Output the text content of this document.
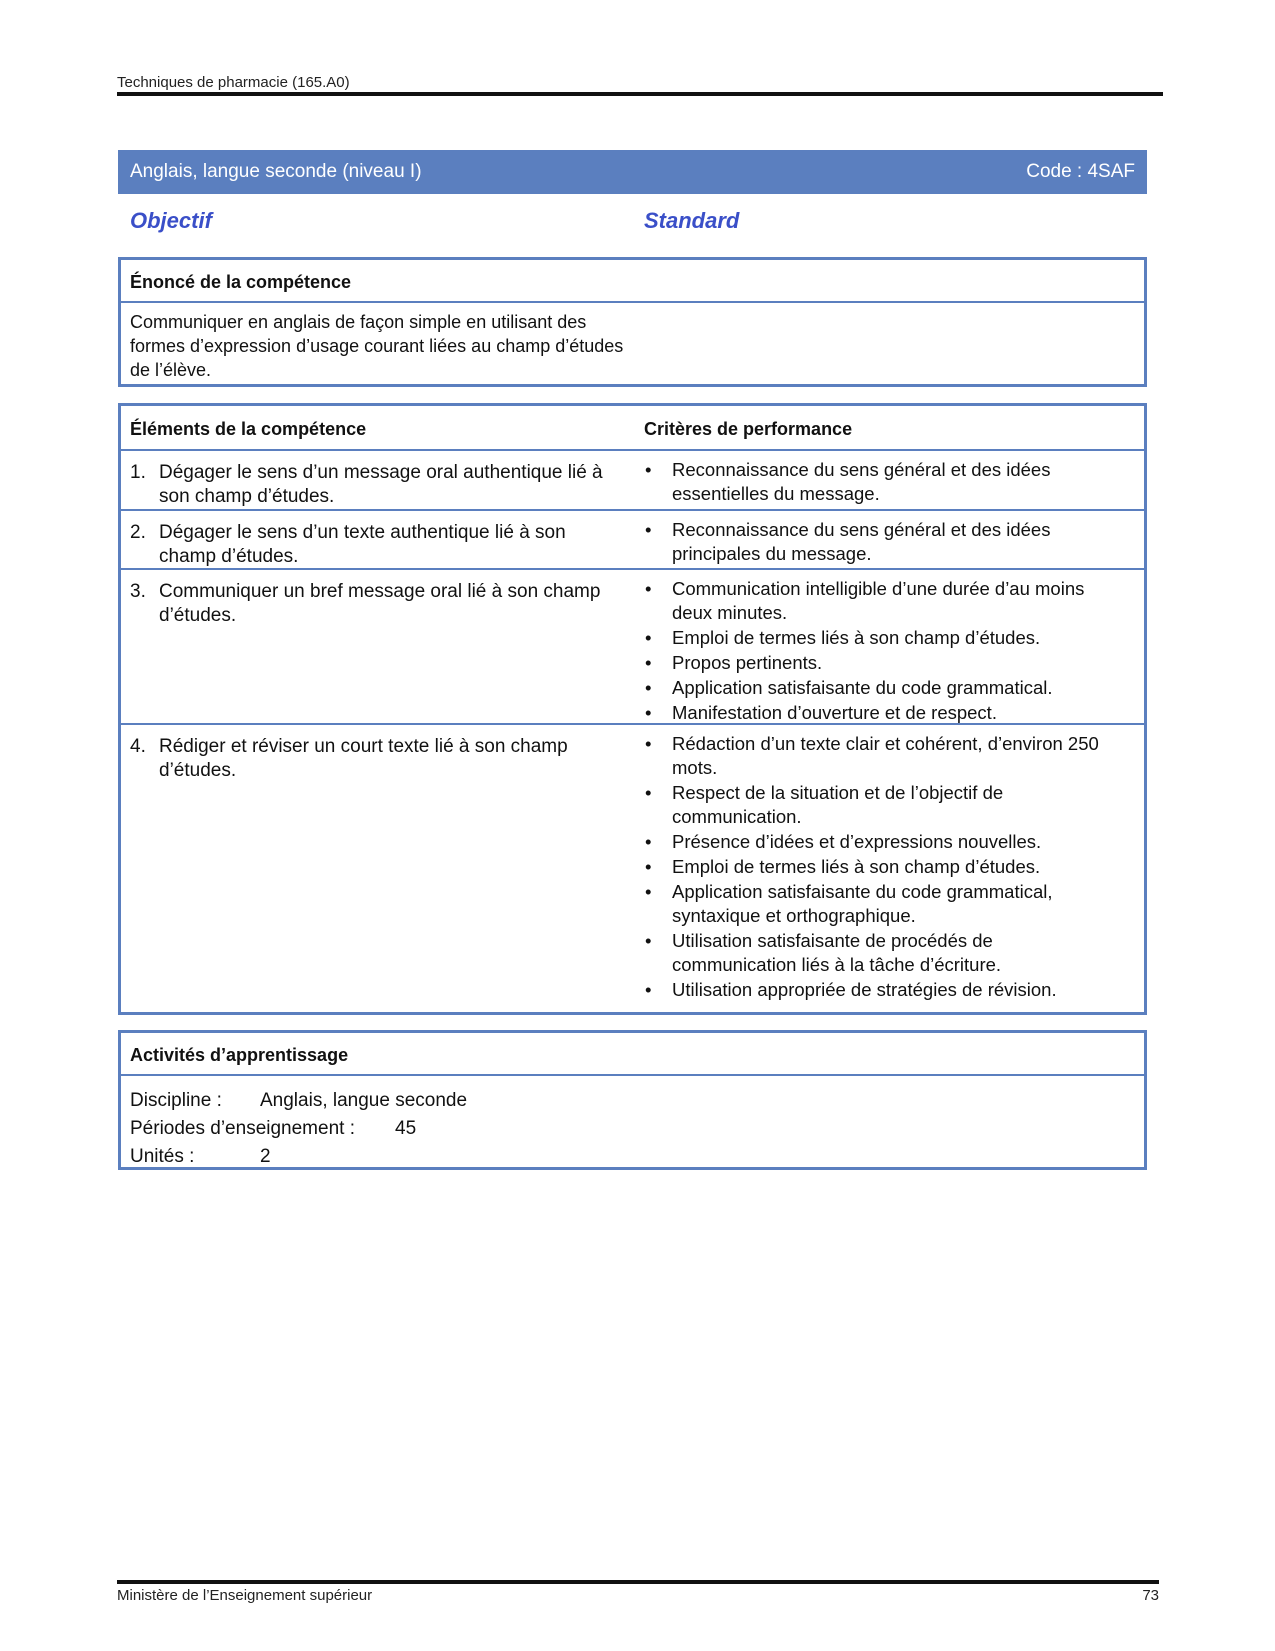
Techniques de pharmacie (165.A0)
Anglais, langue seconde (niveau I)	Code : 4SAF
Objectif	Standard
Énoncé de la compétence
Communiquer en anglais de façon simple en utilisant des formes d’expression d’usage courant liées au champ d’études de l’élève.
Éléments de la compétence	Critères de performance
1. Dégager le sens d’un message oral authentique lié à son champ d’études.
• Reconnaissance du sens général et des idées essentielles du message.
2. Dégager le sens d’un texte authentique lié à son champ d’études.
• Reconnaissance du sens général et des idées principales du message.
3. Communiquer un bref message oral lié à son champ d’études.
• Communication intelligible d’une durée d’au moins deux minutes.
• Emploi de termes liés à son champ d’études.
• Propos pertinents.
• Application satisfaisante du code grammatical.
• Manifestation d’ouverture et de respect.
4. Rédiger et réviser un court texte lié à son champ d’études.
• Rédaction d’un texte clair et cohérent, d’environ 250 mots.
• Respect de la situation et de l’objectif de communication.
• Présence d’idées et d’expressions nouvelles.
• Emploi de termes liés à son champ d’études.
• Application satisfaisante du code grammatical, syntaxique et orthographique.
• Utilisation satisfaisante de procédés de communication liés à la tâche d’écriture.
• Utilisation appropriée de stratégies de révision.
Activités d’apprentissage
Discipline : Anglais, langue seconde
Périodes d’enseignement : 45
Unités :	2
Ministère de l’Enseignement supérieur	73
